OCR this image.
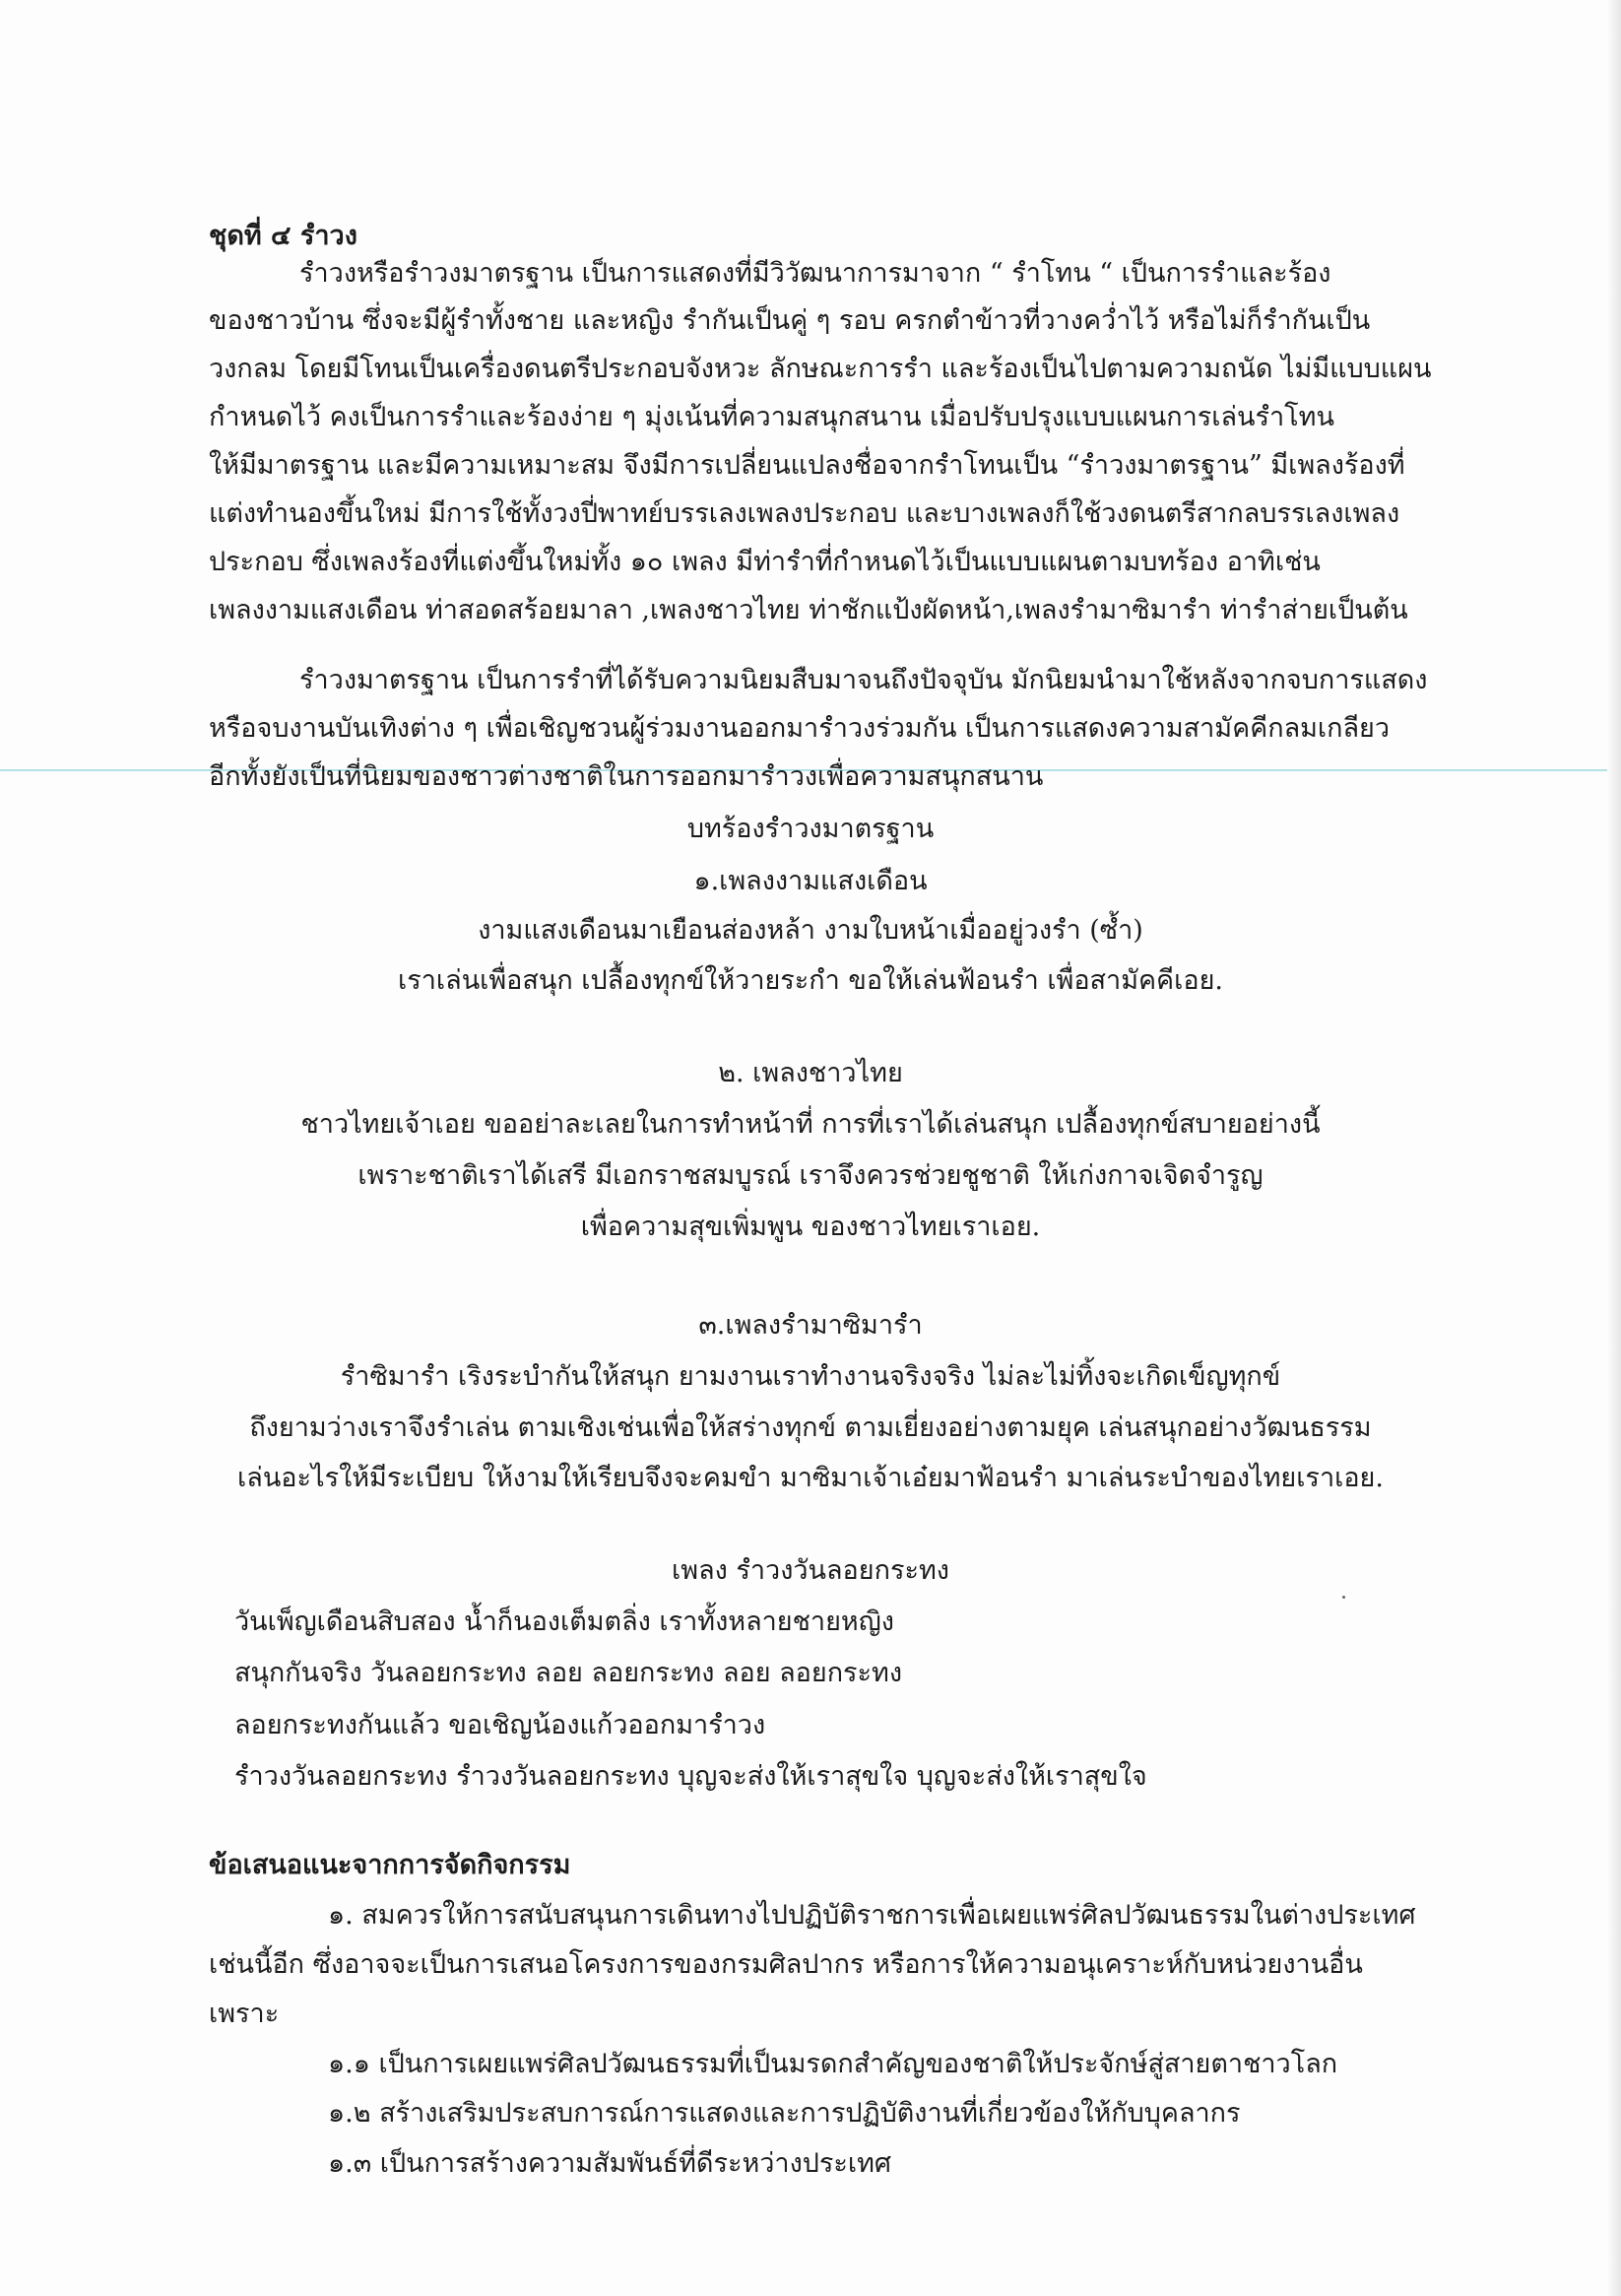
ชุดที่ ๔ รำวง
รำวงหรือรำวงมาตรฐาน เป็นการแสดงที่มีวิวัฒนาการมาจาก “ รำโทน “ เป็นการรำและร้อง
ของชาวบ้าน ซึ่งจะมีผู้รำทั้งชาย และหญิง รำกันเป็นคู่ ๆ รอบ ครกตำข้าวที่วางคว่ำไว้ หรือไม่ก็รำกันเป็น
วงกลม โดยมีโทนเป็นเครื่องดนตรีประกอบจังหวะ ลักษณะการรำ และร้องเป็นไปตามความถนัด ไม่มีแบบแผน
กำหนดไว้ คงเป็นการรำและร้องง่าย ๆ มุ่งเน้นที่ความสนุกสนาน เมื่อปรับปรุงแบบแผนการเล่นรำโทน
ให้มีมาตรฐาน และมีความเหมาะสม จึงมีการเปลี่ยนแปลงชื่อจากรำโทนเป็น “รำวงมาตรฐาน” มีเพลงร้องที่
แต่งทำนองขึ้นใหม่ มีการใช้ทั้งวงปี่พาทย์บรรเลงเพลงประกอบ และบางเพลงก็ใช้วงดนตรีสากลบรรเลงเพลง
ประกอบ ซึ่งเพลงร้องที่แต่งขึ้นใหม่ทั้ง ๑๐ เพลง มีท่ารำที่กำหนดไว้เป็นแบบแผนตามบทร้อง อาทิเช่น
เพลงงามแสงเดือน ท่าสอดสร้อยมาลา ,เพลงชาวไทย ท่าชักแป้งผัดหน้า,เพลงรำมาซิมารำ ท่ารำส่ายเป็นต้น
รำวงมาตรฐาน เป็นการรำที่ได้รับความนิยมสืบมาจนถึงปัจจุบัน มักนิยมนำมาใช้หลังจากจบการแสดง
หรือจบงานบันเทิงต่าง ๆ เพื่อเชิญชวนผู้ร่วมงานออกมารำวงร่วมกัน เป็นการแสดงความสามัคคีกลมเกลียว
อีกทั้งยังเป็นที่นิยมของชาวต่างชาติในการออกมารำวงเพื่อความสนุกสนาน
บทร้องรำวงมาตรฐาน
๑.เพลงงามแสงเดือน
งามแสงเดือนมาเยือนส่องหล้า งามใบหน้าเมื่ออยู่วงรำ (ซ้ำ)
เราเล่นเพื่อสนุก เปลื้องทุกข์ให้วายระกำ ขอให้เล่นฟ้อนรำ เพื่อสามัคคีเอย.
๒. เพลงชาวไทย
ชาวไทยเจ้าเอย ขออย่าละเลยในการทำหน้าที่ การที่เราได้เล่นสนุก เปลื้องทุกข์สบายอย่างนี้
เพราะชาติเราได้เสรี มีเอกราชสมบูรณ์ เราจึงควรช่วยชูชาติ ให้เก่งกาจเจิดจำรูญ
เพื่อความสุขเพิ่มพูน ของชาวไทยเราเอย.
๓.เพลงรำมาซิมารำ
รำซิมารำ เริงระบำกันให้สนุก ยามงานเราทำงานจริงจริง ไม่ละไม่ทิ้งจะเกิดเข็ญทุกข์
ถึงยามว่างเราจึงรำเล่น ตามเชิงเช่นเพื่อให้สร่างทุกข์ ตามเยี่ยงอย่างตามยุค เล่นสนุกอย่างวัฒนธรรม
เล่นอะไรให้มีระเบียบ ให้งามให้เรียบจึงจะคมขำ มาซิมาเจ้าเอ๋ยมาฟ้อนรำ มาเล่นระบำของไทยเราเอย.
เพลง รำวงวันลอยกระทง
วันเพ็ญเดือนสิบสอง น้ำก็นองเต็มตลิ่ง เราทั้งหลายชายหญิง
สนุกกันจริง วันลอยกระทง ลอย ลอยกระทง ลอย ลอยกระทง
ลอยกระทงกันแล้ว ขอเชิญน้องแก้วออกมารำวง
รำวงวันลอยกระทง รำวงวันลอยกระทง บุญจะส่งให้เราสุขใจ บุญจะส่งให้เราสุขใจ
ข้อเสนอแนะจากการจัดกิจกรรม
๑. สมควรให้การสนับสนุนการเดินทางไปปฏิบัติราชการเพื่อเผยแพร่ศิลปวัฒนธรรมในต่างประเทศ
เช่นนี้อีก ซึ่งอาจจะเป็นการเสนอโครงการของกรมศิลปากร หรือการให้ความอนุเคราะห์กับหน่วยงานอื่น
เพราะ
๑.๑ เป็นการเผยแพร่ศิลปวัฒนธรรมที่เป็นมรดกสำคัญของชาติให้ประจักษ์สู่สายตาชาวโลก
๑.๒ สร้างเสริมประสบการณ์การแสดงและการปฏิบัติงานที่เกี่ยวข้องให้กับบุคลากร
๑.๓ เป็นการสร้างความสัมพันธ์ที่ดีระหว่างประเทศ
